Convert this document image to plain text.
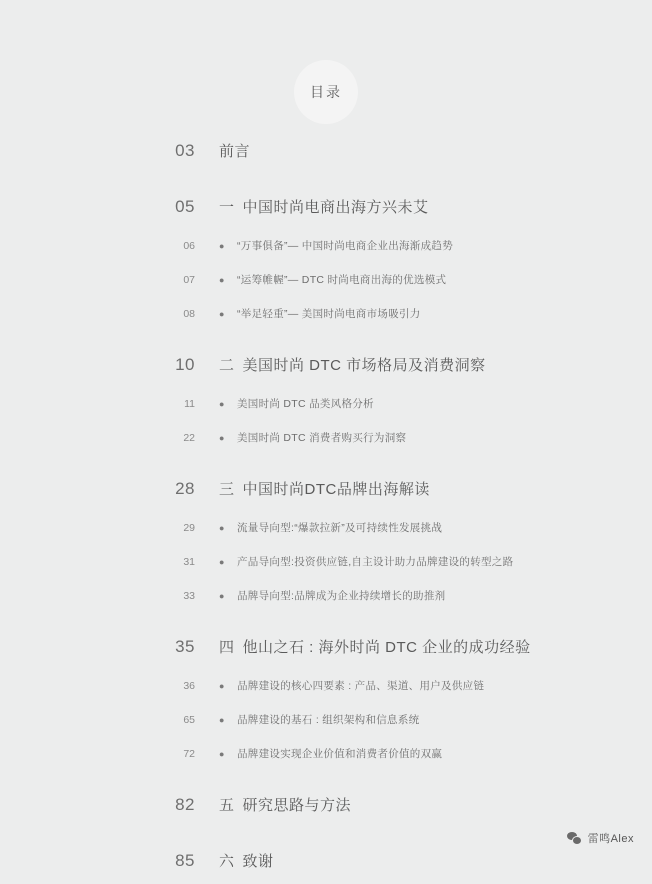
目录
03 前言
05 一 中国时尚电商出海方兴未艾
06	●	“万事俱备”— 中国时尚电商企业出海渐成趋势
07	●	“运筹帷幄”— DTC 时尚电商出海的优选模式
08	●	“举足轻重”— 美国时尚电商市场吸引力
10 二 美国时尚 DTC 市场格局及消费洞察
11	●	美国时尚 DTC 品类风格分析
22	●	美国时尚 DTC 消费者购买行为洞察
28 三 中国时尚DTC品牌出海解读
29	●	流量导向型:“爆款拉新”及可持续性发展挑战
31	●	产品导向型:投资供应链,自主设计助力品牌建设的转型之路
33	●	品牌导向型:品牌成为企业持续增长的助推剂
35 四 他山之石 : 海外时尚 DTC 企业的成功经验
36	●	品牌建设的核心四要素 : 产品、渠道、用户及供应链
65	●	品牌建设的基石 : 组织架构和信息系统
72	●	品牌建设实现企业价值和消费者价值的双赢
82 五 研究思路与方法
85 六 致谢
雷鸣Alex
